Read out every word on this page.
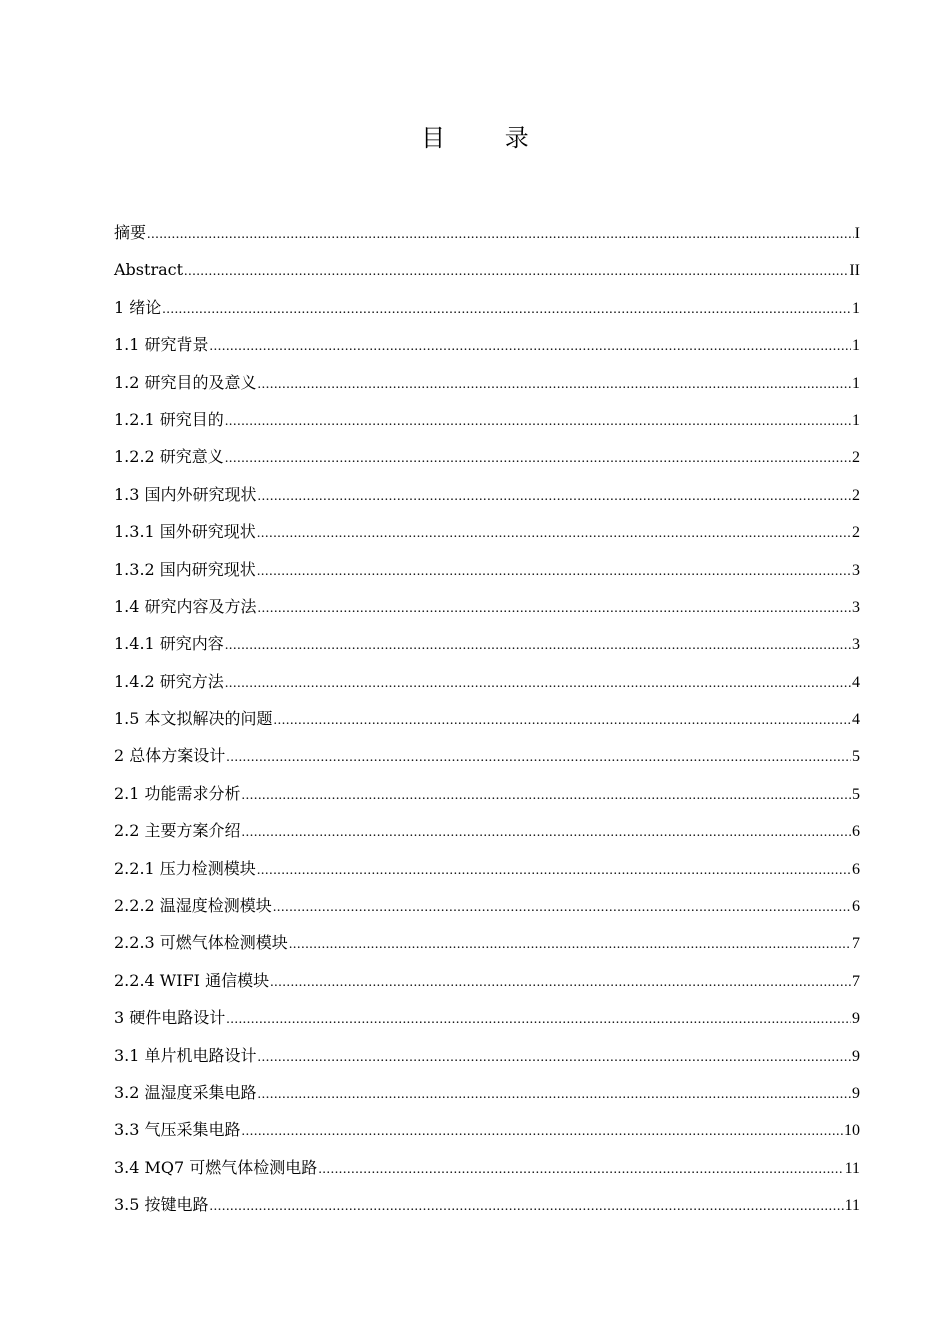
目 录
摘要 .....	I
Abstract .....	II
1 绪论 .....	1
1.1 研究背景 .....	1
1.2 研究目的及意义 .....	1
1.2.1 研究目的 .....	1
1.2.2 研究意义 .....	2
1.3 国内外研究现状 .....	2
1.3.1 国外研究现状 .....	2
1.3.2 国内研究现状 .....	3
1.4 研究内容及方法 .....	3
1.4.1 研究内容 .....	3
1.4.2 研究方法 .....	4
1.5 本文拟解决的问题 .....	4
2 总体方案设计 .....	5
2.1 功能需求分析 .....	5
2.2 主要方案介绍 .....	6
2.2.1 压力检测模块 .....	6
2.2.2 温湿度检测模块 .....	6
2.2.3 可燃气体检测模块 .....	7
2.2.4 WIFI 通信模块 .....	7
3 硬件电路设计 .....	9
3.1 单片机电路设计 .....	9
3.2 温湿度采集电路 .....	9
3.3 气压采集电路 .....	10
3.4 MQ7 可燃气体检测电路 .....	11
3.5 按键电路 .....	11
